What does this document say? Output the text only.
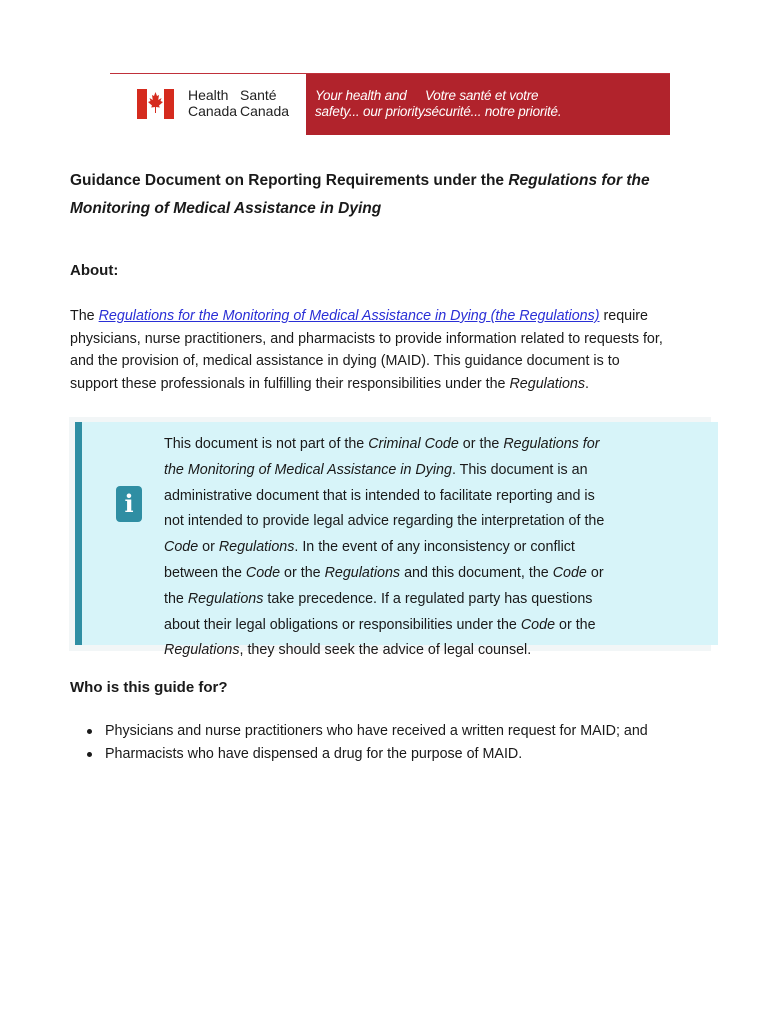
Health
Canada
Santé
Canada
Your health and
safety... our priority.
Votre santé et votre
sécurité... notre priorité.
Guidance Document on Reporting Requirements under the Regulations for the Monitoring of Medical Assistance in Dying
About:
The Regulations for the Monitoring of Medical Assistance in Dying (the Regulations) require physicians, nurse practitioners, and pharmacists to provide information related to requests for, and the provision of, medical assistance in dying (MAID). This guidance document is to support these professionals in fulfilling their responsibilities under the Regulations.
i
This document is not part of the Criminal Code or the Regulations for the Monitoring of Medical Assistance in Dying. This document is an administrative document that is intended to facilitate reporting and is not intended to provide legal advice regarding the interpretation of the Code or Regulations. In the event of any inconsistency or conflict between the Code or the Regulations and this document, the Code or the Regulations take precedence. If a regulated party has questions about their legal obligations or responsibilities under the Code or the Regulations, they should seek the advice of legal counsel.
Who is this guide for?
Physicians and nurse practitioners who have received a written request for MAID; and
Pharmacists who have dispensed a drug for the purpose of MAID.
